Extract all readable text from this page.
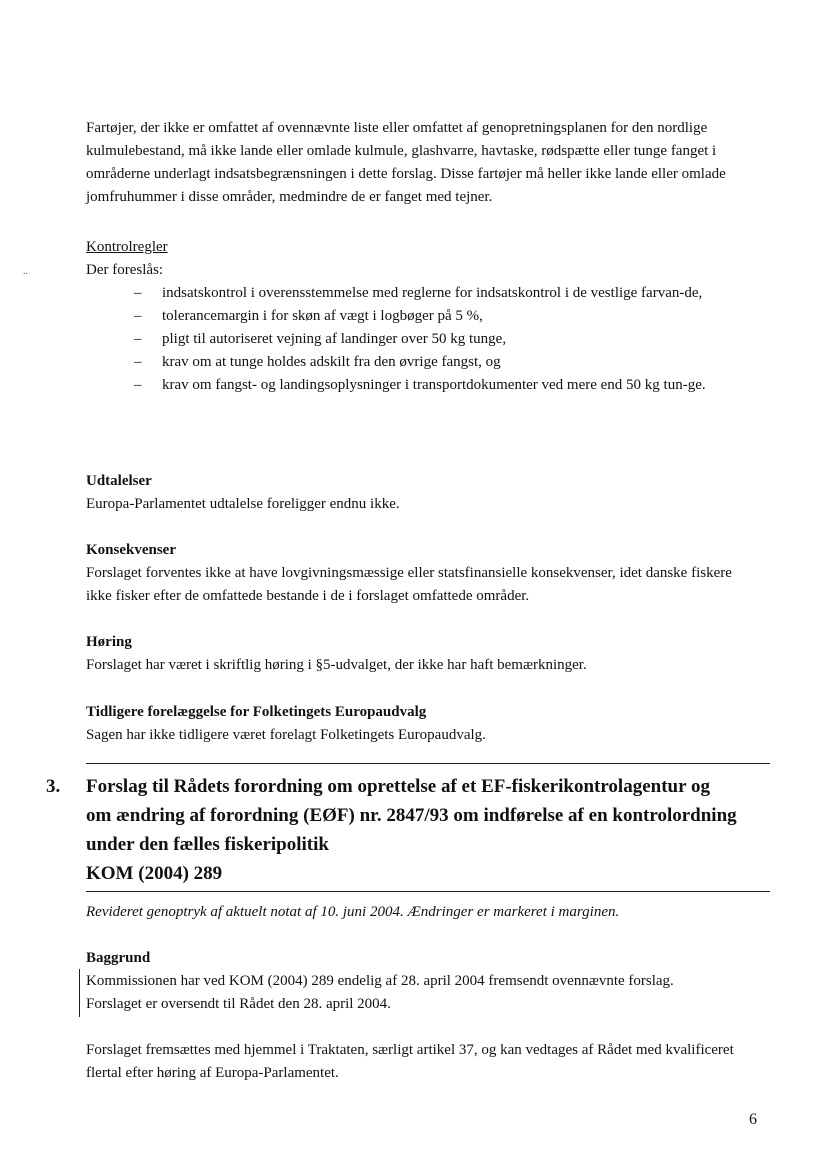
..

Fartøjer, der ikke er omfattet af ovennævnte liste eller omfattet af genopretningsplanen for den nordlige kulmulebestand, må ikke lande eller omlade kulmule, glashvarre, havtaske, rødspætte eller tunge fanget i områderne underlagt indsatsbegrænsningen i dette forslag. Disse fartøjer må heller ikke lande eller omlade jomfruhummer i disse områder, medmindre de er fanget med tejner.

Kontrolregler

Der foreslås:

– indsatskontrol i overensstemmelse med reglerne for indsatskontrol i de vestlige farvan-de,
– tolerancemargin i for skøn af vægt i logbøger på 5 %,
– pligt til autoriseret vejning af landinger over 50 kg tunge,
– krav om at tunge holdes adskilt fra den øvrige fangst, og
– krav om fangst- og landingsoplysninger i transportdokumenter ved mere end 50 kg tun-ge.

Udtalelser

Europa-Parlamentet udtalelse foreligger endnu ikke.

Konsekvenser

Forslaget forventes ikke at have lovgivningsmæssige eller statsfinansielle konsekvenser, idet danske fiskere ikke fisker efter de omfattede bestande i de i forslaget omfattede områder.

Høring

Forslaget har været i skriftlig høring i §5-udvalget, der ikke har haft bemærkninger.

Tidligere forelæggelse for Folketingets Europaudvalg

Sagen har ikke tidligere været forelagt Folketingets Europaudvalg.

3. Forslag til Rådets forordning om oprettelse af et EF-fiskerikontrolagentur og
om ændring af forordning (EØF) nr. 2847/93 om indførelse af en kontrolordning
under den fælles fiskeripolitik
KOM (2004) 289
Revideret genoptryk af aktuelt notat af 10. juni 2004. Ændringer er markeret i marginen.

Baggrund

Kommissionen har ved KOM (2004) 289 endelig af 28. april 2004 fremsendt ovennævnte forslag.

Forslaget er oversendt til Rådet den 28. april 2004.

Forslaget fremsættes med hjemmel i Traktaten, særligt artikel 37, og kan vedtages af Rådet med kvalificeret flertal efter høring af Europa-Parlamentet.
6
